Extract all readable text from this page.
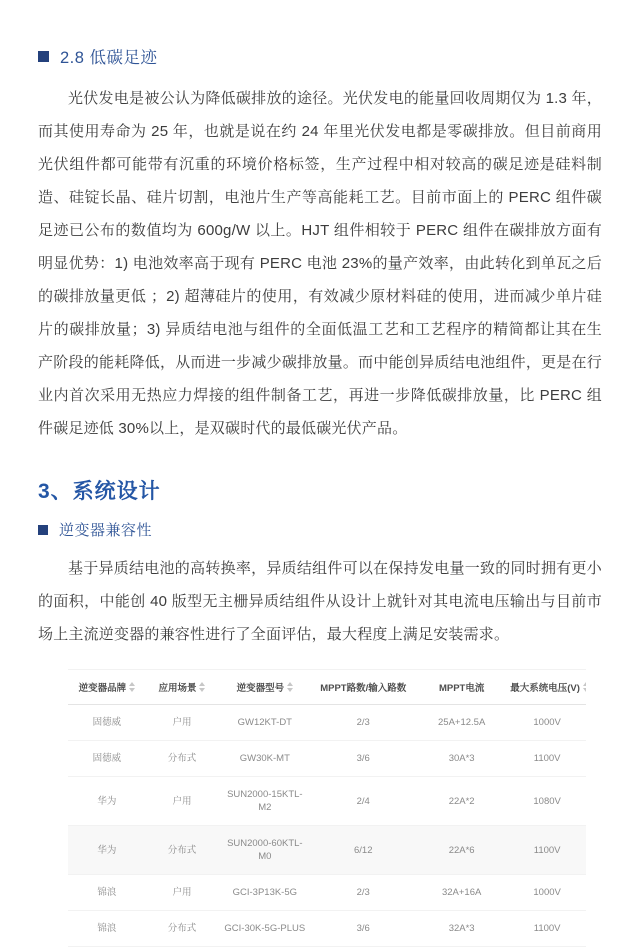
2.8 低碳足迹

光伏发电是被公认为降低碳排放的途径。光伏发电的能量回收周期仅为 1.3 年，而其使用寿命为 25 年，也就是说在约 24 年里光伏发电都是零碳排放。但目前商用光伏组件都可能带有沉重的环境价格标签，生产过程中相对较高的碳足迹是硅料制造、硅锭长晶、硅片切割，电池片生产等高能耗工艺。目前市面上的 PERC 组件碳足迹已公布的数值均为 600g/W 以上。HJT 组件相较于 PERC 组件在碳排放方面有明显优势：1) 电池效率高于现有 PERC 电池 23%的量产效率，由此转化到单瓦之后的碳排放量更低 ；2) 超薄硅片的使用，有效减少原材料硅的使用，进而减少单片硅片的碳排放量；3) 异质结电池与组件的全面低温工艺和工艺程序的精简都让其在生产阶段的能耗降低，从而进一步减少碳排放量。而中能创异质结电池组件，更是在行业内首次采用无热应力焊接的组件制备工艺，再进一步降低碳排放量，比 PERC 组件碳足迹低 30%以上，是双碳时代的最低碳光伏产品。

3、系统设计
逆变器兼容性

基于异质结电池的高转换率，异质结组件可以在保持发电量一致的同时拥有更小的面积，中能创 40 版型无主栅异质结组件从设计上就针对其电流电压输出与目前市场上主流逆变器的兼容性进行了全面评估，最大程度上满足安装需求。

逆变器品牌	应用场景	逆变器型号	MPPT路数/输入路数	MPPT电流	最大系统电压(V)

固德威	户用	GW12KT-DT	2/3	25A+12.5A	1000V
固德威	分布式	GW30K-MT	3/6	30A*3	1100V
华为	户用	SUN2000-15KTL-M2	2/4	22A*2	1080V
华为	分布式	SUN2000-60KTL-M0	6/12	22A*6	1100V
锦浪	户用	GCI-3P13K-5G	2/3	32A+16A	1000V
锦浪	分布式	GCI-30K-5G-PLUS	3/6	32A*3	1100V
